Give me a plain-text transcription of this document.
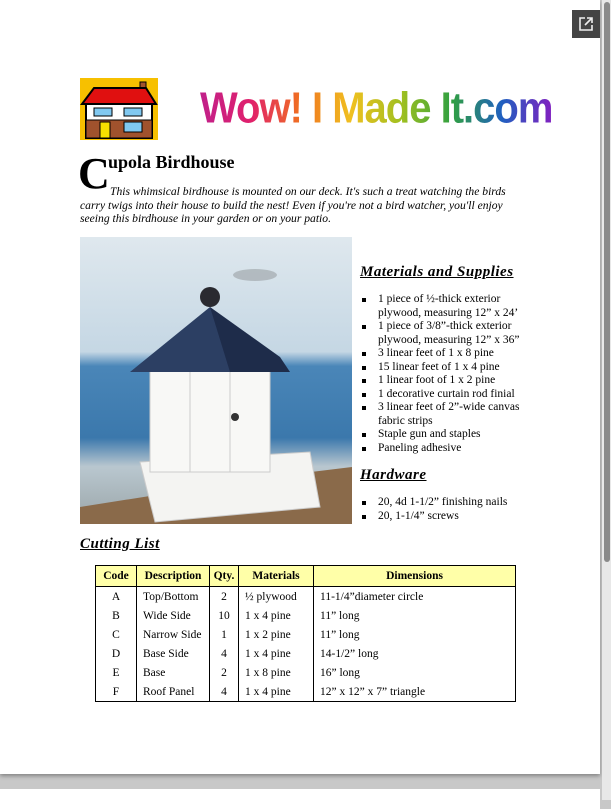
Wow! I Made It.com
C
upola Birdhouse
This whimsical birdhouse is mounted on our deck. It's such a treat watching the birds carry twigs into their house to build the nest! Even if you're not a bird watcher, you'll enjoy seeing this birdhouse in your garden or on your patio.
Materials and Supplies
1 piece of ½-thick exterior plywood, measuring 12” x 24’
1 piece of 3/8”-thick exterior plywood, measuring 12” x 36”
3 linear feet of 1 x 8 pine
15 linear feet of 1 x 4 pine
1 linear foot of 1 x 2 pine
1 decorative curtain rod finial
3 linear feet of 2”-wide canvas fabric strips
Staple gun and staples
Paneling adhesive
Hardware
20, 4d 1-1/2” finishing nails
20, 1-1/4” screws
Cutting List
Code	Description	Qty.	Materials	Dimensions
A	Top/Bottom	2	½ plywood	11-1/4”diameter circle
B	Wide Side	10	1 x 4 pine	11” long
C	Narrow Side	1	1 x 2 pine	11” long
D	Base Side	4	1 x 4 pine	14-1/2” long
E	Base	2	1 x 8 pine	16” long
F	Roof Panel	4	1 x 4 pine	12” x 12” x 7” triangle
